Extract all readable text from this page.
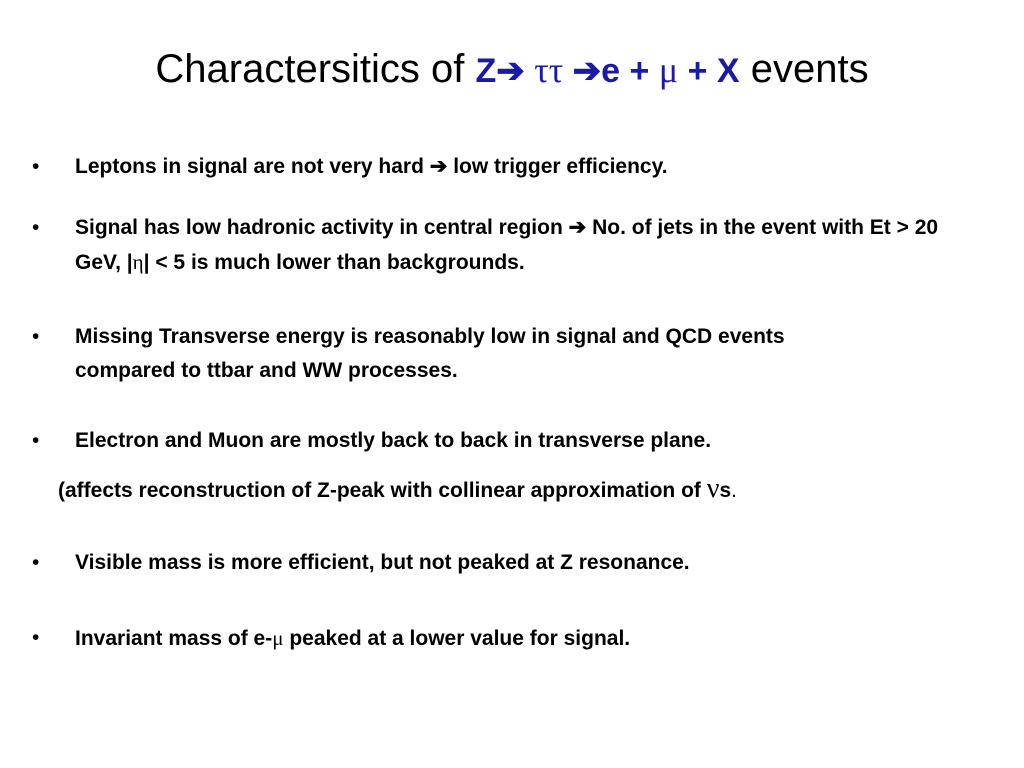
Charactersitics of Z➔ ττ ➔e + μ + X events
• Leptons in signal are not very hard ➔ low trigger efficiency.
• Signal has low hadronic activity in central region ➔ No. of jets in the event with Et > 20 GeV, |η| < 5 is much lower than backgrounds.
• Missing Transverse energy is reasonably low in signal and QCD events compared to ttbar and WW processes.
• Electron and Muon are mostly back to back in transverse plane.
(affects reconstruction of Z-peak with collinear approximation of νs.
• Visible mass is more efficient, but not peaked at Z resonance.
• Invariant mass of e-μ peaked at a lower value for signal.
